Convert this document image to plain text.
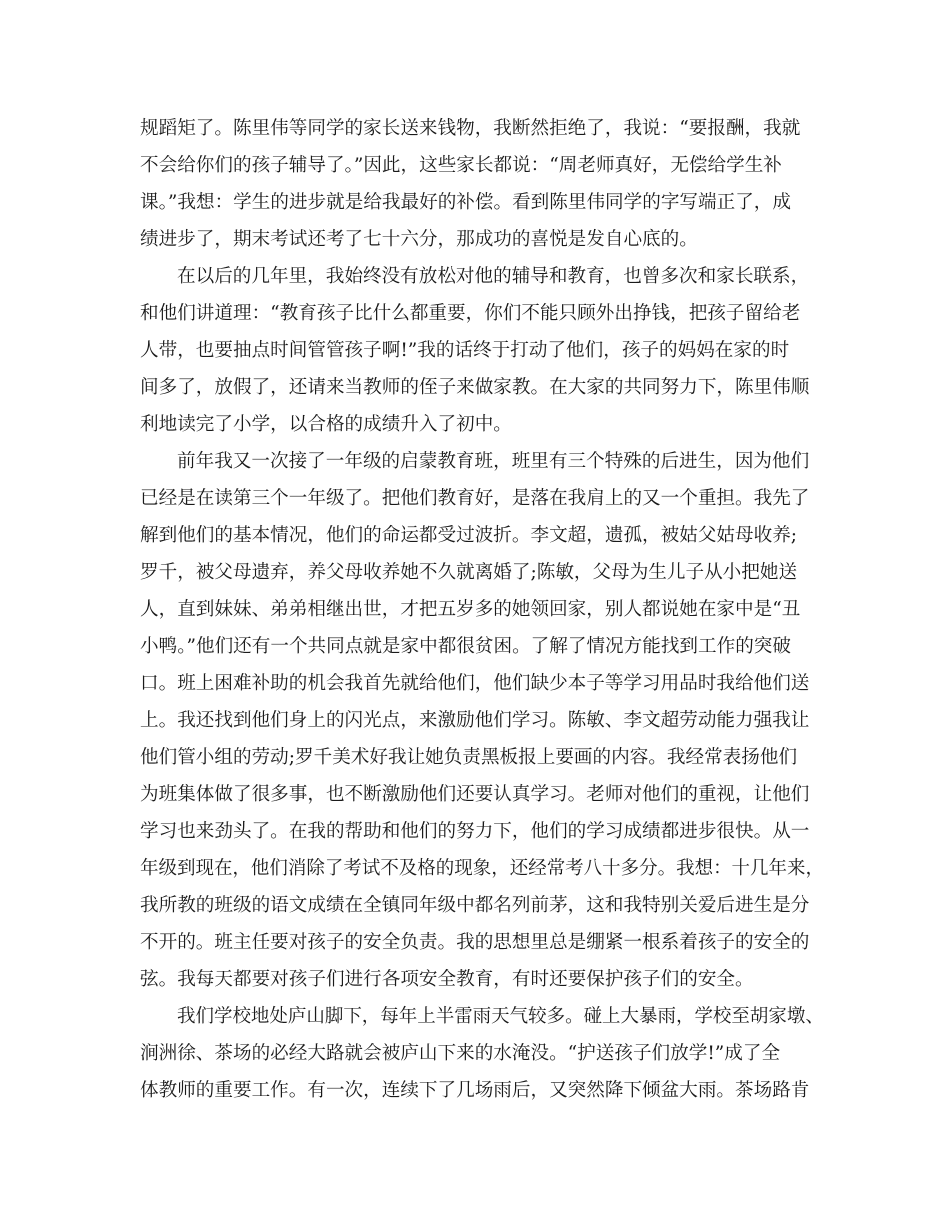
规蹈矩了。陈里伟等同学的家长送来钱物，我断然拒绝了，我说：“要报酬，我就
不会给你们的孩子辅导了。”因此，这些家长都说：“周老师真好，无偿给学生补
课。”我想：学生的进步就是给我最好的补偿。看到陈里伟同学的字写端正了，成
绩进步了，期末考试还考了七十六分，那成功的喜悦是发自心底的。
在以后的几年里，我始终没有放松对他的辅导和教育，也曾多次和家长联系，
和他们讲道理：“教育孩子比什么都重要，你们不能只顾外出挣钱，把孩子留给老
人带，也要抽点时间管管孩子啊!”我的话终于打动了他们，孩子的妈妈在家的时
间多了，放假了，还请来当教师的侄子来做家教。在大家的共同努力下，陈里伟顺
利地读完了小学，以合格的成绩升入了初中。
前年我又一次接了一年级的启蒙教育班，班里有三个特殊的后进生，因为他们
已经是在读第三个一年级了。把他们教育好，是落在我肩上的又一个重担。我先了
解到他们的基本情况，他们的命运都受过波折。李文超，遗孤，被姑父姑母收养;
罗千，被父母遗弃，养父母收养她不久就离婚了;陈敏，父母为生儿子从小把她送
人，直到妹妹、弟弟相继出世，才把五岁多的她领回家，别人都说她在家中是“丑
小鸭。”他们还有一个共同点就是家中都很贫困。了解了情况方能找到工作的突破
口。班上困难补助的机会我首先就给他们，他们缺少本子等学习用品时我给他们送
上。我还找到他们身上的闪光点，来激励他们学习。陈敏、李文超劳动能力强我让
他们管小组的劳动;罗千美术好我让她负责黑板报上要画的内容。我经常表扬他们
为班集体做了很多事，也不断激励他们还要认真学习。老师对他们的重视，让他们
学习也来劲头了。在我的帮助和他们的努力下，他们的学习成绩都进步很快。从一
年级到现在，他们消除了考试不及格的现象，还经常考八十多分。我想：十几年来，
我所教的班级的语文成绩在全镇同年级中都名列前茅，这和我特别关爱后进生是分
不开的。班主任要对孩子的安全负责。我的思想里总是绷紧一根系着孩子的安全的
弦。我每天都要对孩子们进行各项安全教育，有时还要保护孩子们的安全。
我们学校地处庐山脚下，每年上半雷雨天气较多。碰上大暴雨，学校至胡家墩、
涧洲徐、茶场的必经大路就会被庐山下来的水淹没。“护送孩子们放学!”成了全
体教师的重要工作。有一次，连续下了几场雨后，又突然降下倾盆大雨。茶场路肯
